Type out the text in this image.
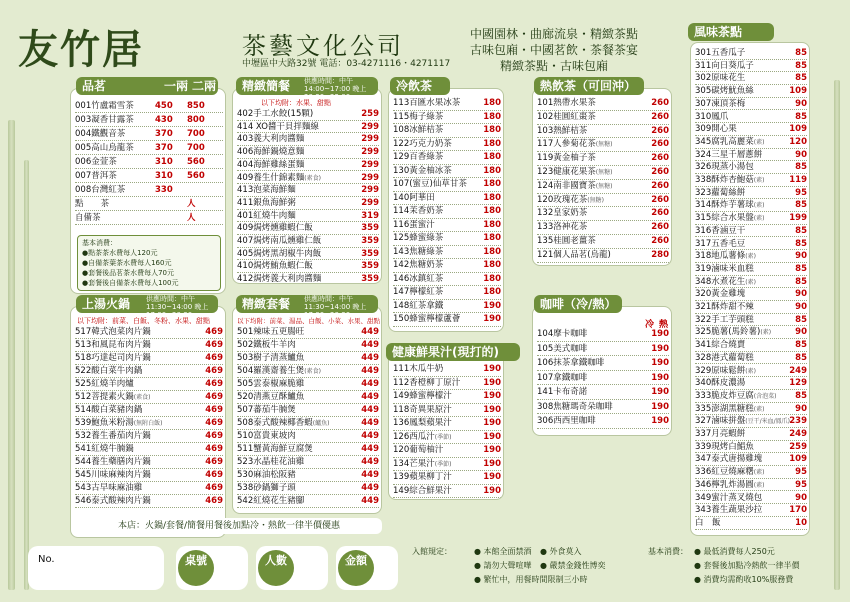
友竹居	茶藝文化公司
中壢區中大路32號 電話：03-4271116・4271117
中國園林・曲廊流泉・精緻茶點
古味包廂・中國茗飲・茶餐茶宴
精緻茶點・古味包廂
001竹盧霜雪茶	450 850
003凝香甘露茶	430 800
004鐵觀音茶	370 700
005高山烏龍茶	370 700
006金萱茶	310 560
007普洱茶	310 560
008台灣紅茶	330
點　　茶	人
自備茶	人
基本消費：
●點茶茶水費每人120元
●自備茶葉茶水費每人160元
●套餐後品茗茶水費每人70元
●套餐後自備茶水費每人100元
品茗	一兩 二兩
以下均附：前菜、白飯、冬粉、水果、甜點
517韓式泡菜肉片鍋	469
513和風昆布肉片鍋	469
518巧達起司肉片鍋	469
522酸白菜牛肉鍋	469
525紅燒羊肉爐	469
512菩提素火鍋(素食)	469
514酸白菜豬肉鍋	469
539鮑魚米粉湯(無附白飯)	469
532養生番茄肉片鍋	469
541紅燒牛腩鍋	469
544養生藥膳肉片鍋	469
545川味麻辣肉片鍋	469
543古早味麻油雞	469
546泰式酸辣肉片鍋	469
上湯火鍋 供應時間：中午11:30~14:00 晚上17:00~20:30
以下均附：水果、甜點
402手工水餃(15顆)	259
414 XO醬干貝拌麵線	299
403義大利肉醬麵	299
406海鮮鍋燒意麵	299
404海鮮雞絲蛋麵	299
409養生什錦素麵(素食)	299
413泡菜海鮮麵	299
411銀魚海鮮粥	299
401紅燒牛肉麵	319
409焗烤燻雞蝦仁飯	359
407焗烤南瓜燻雞仁飯	359
405焗烤黑胡椒牛肉飯	359
410焗烤鮪魚蝦仁飯	359
412焗烤義大利肉醬麵	359
精緻簡餐 供應時間：中午14:00~17:00 晚上20:30~22:00
以下均附：前菜、湯品、白飯、小菜、水果、甜點
501辣味五更腸旺	449
502鐵板牛羊肉	449
503樹子清蒸鱸魚	449
504羅漢齋養生煲(素食)	449
505雲泰椒麻脆雞	449
520清燕豆酥鱸魚	449
507蕃茄牛腩煲	449
508泰式酸辣椰香蝦(鱸魚)	449
510富貴東坡肉	449
511蟹黃海鮮豆腐煲	449
523水晶桂花油雞	449
530麻油松阪豬	449
538砂鍋獅子頭	449
542紅燒花生豬腳	449
精緻套餐 供應時間：中午11:30~14:00 晚上17:00~20:30
本店：火鍋/套餐/簡餐用餐後加點冷・熱飲一律半價優惠
113百匯水果冰茶	180
115梅子綠茶	180
108冰鮮桔茶	180
122巧克力奶茶	180
129百香綠茶	180
130黃金柚冰茶	180
107(蜜豆)仙草甘茶 180
140阿華田	180
114茉香奶茶	180
116蛋蜜汁	180
125蜂蜜綠茶	180
143焦糖綠茶	180
142焦糖奶茶	180
146冰鎮紅茶	180
147檸檬紅茶	180
148紅茶拿鐵	190
150蜂蜜檸檬蘆薈	190
冷飲茶
111木瓜牛奶	190
112香橙柳丁原汁	190
149蜂蜜檸檬汁	190
118奇異果原汁	190
136鳳梨蘋果汁	190
126西瓜汁(季節)	190
120葡萄柚汁	190
134芒果汁(季節)	190
139蘋果柳丁汁	190
149綜合鮮果汁	190
健康鮮果汁(現打的)
101熱帶水果茶	260
102桂圓紅棗茶	260
103熱鮮桔茶	260
117人參菊花茶(無糖)	260
119黃金柚子茶	260
123健康花果茶(無糖)	260
124南非國寶茶(無糖)	260
120玫瑰花茶(無糖)	260
132皇家奶茶	260
133洛神花茶	260
135桂圓老薑茶	260
121個人品茗(烏龍)	280
熱飲茶（可回沖）
冷 熱
104摩卡咖啡	190
105美式咖啡	190
106抹茶拿鐵咖啡	190
107拿鐵咖啡	190
141卡布奇諾	190
308焦糖瑪奇朵咖啡	190
306西西里咖啡	190
咖啡（冷/熱）
301五香瓜子	85
311向日葵瓜子	85
302原味花生	85
305碳烤魷魚絲	109
307凍頂茶梅	90
310鳳爪	85
309開心果	109
345腐乳高麗菜(素)	120
324三星千層蔥餅	90
326現蒸小湯包	85
338酥炸杏鮑菇(素)	119
323蘿蔔絲餅	95
314酥炸芋薯球(素)	85
315綜合水果盤(素)	199
316香滷豆干	85
317五香毛豆	85
318地瓜薯條(素)	90
319滷味米血糕	85
348水煮花生(素)	85
320黃金雞塊	90
321酥炸甜不辣	90
322手工芋頭糕	85
325脆薯(馬鈴薯)(素)	90
341綜合燒賣	85
328港式蘿蔔糕	85
329原味鬆餅(素)	249
340酥皮濃湯	129
333脆皮炸豆腐(含泡菜) 85
335澎湖黑糖糕(素)	90
327滷味拼盤(豆干/米血/鳳爪) 239
337月亮蝦餅	249
339現烤白鯧魚	259
347泰式唐揚雞塊	109
336紅豆燒麻糬(素)	95
346檸乳炸湯圓(素)	95
349蜜汁蒸叉燒包	90
343養生蔬果沙拉	170
白　飯	10
風味茶點
No.	桌號	人數	金額
入館規定：	● 本館全面禁酒 ● 外食莫入
● 請勿大聲喧嘩 ● 嚴禁金錢性博奕
● 繁忙中，用餐時間限制三小時
基本消費： ● 最低消費每人250元
● 套餐後加點冷熱飲一律半價
● 消費均需酌收10%服務費
